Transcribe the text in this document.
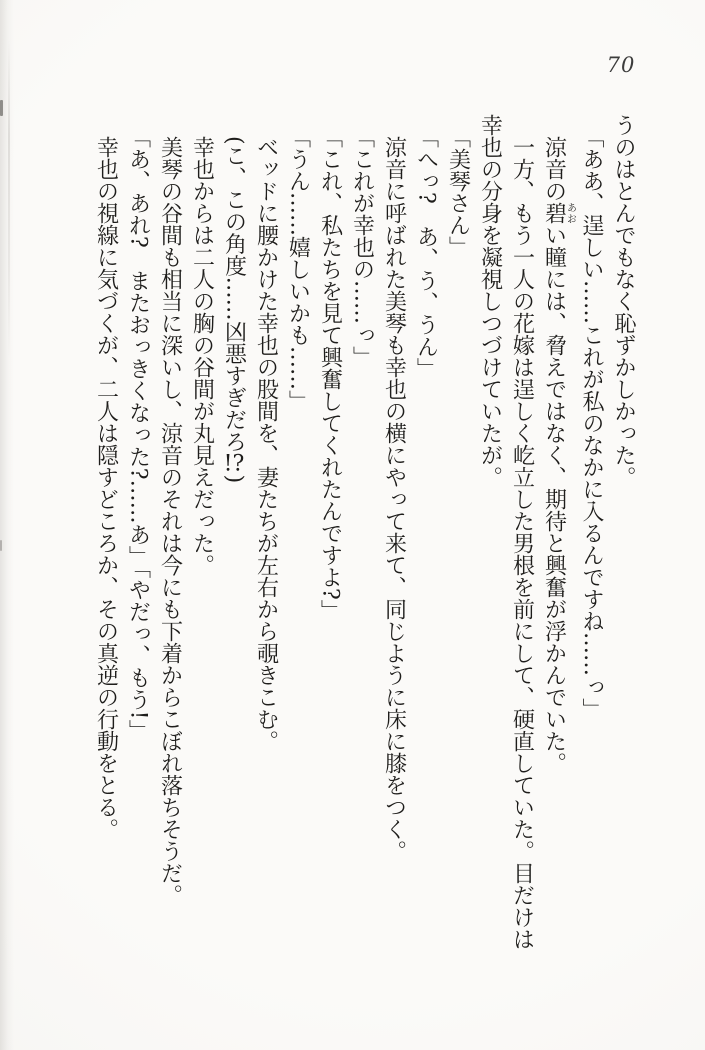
70

うのはとんでもなく恥ずかしかった。

「ああ、逞しい……これが私のなかに入るんですね……っ」

涼音の碧あおい瞳には、脅えではなく、期待と興奮が浮かんでいた。

一方、もう一人の花嫁は逞しく屹立した男根を前にして、硬直していた。目だけは

幸也の分身を凝視しつづけていたが。

「美琴さん」

「へっ?　あ、う、うん」

涼音に呼ばれた美琴も幸也の横にやって来て、同じように床に膝をつく。

「これが幸也の……っ」

「これ、私たちを見て興奮してくれたんですよ?」

「うん……嬉しいかも……」

ベッドに腰かけた幸也の股間を、妻たちが左右から覗きこむ。

(こ、この角度……凶悪すぎだろ!?)

幸也からは二人の胸の谷間が丸見えだった。

美琴の谷間も相当に深いし、涼音のそれは今にも下着からこぼれ落ちそうだ。

「あ、あれ?　またおっきくなった?……あ」「やだっ、もう!」

幸也の視線に気づくが、二人は隠すどころか、その真逆の行動をとる。
